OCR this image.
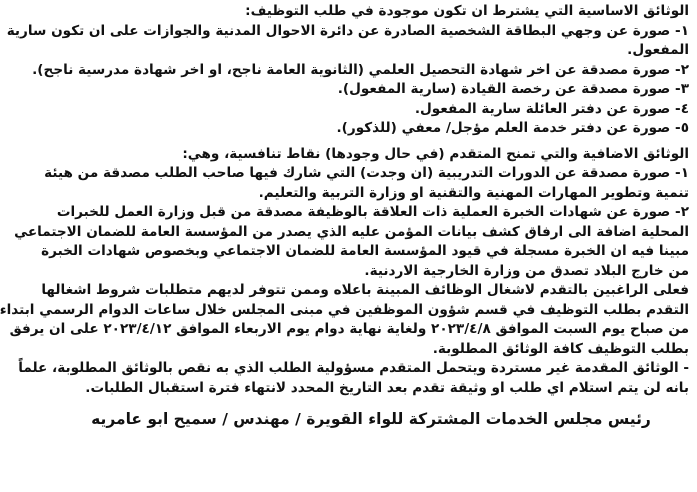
الوثائق الاساسية التي يشترط ان تكون موجودة في طلب التوظيف:
١- صورة عن وجهي البطاقة الشخصية الصادرة عن دائرة الاحوال المدنية والجوازات على ان تكون سارية
المفعول.
٢- صورة مصدقة عن اخر شهادة التحصيل العلمي (الثانوية العامة ناجح، او اخر شهادة مدرسية ناجح).
٣- صورة مصدقة عن رخصة القيادة (سارية المفعول).
٤- صورة عن دفتر العائلة سارية المفعول.
٥- صورة عن دفتر خدمة العلم مؤجل/ معفي (للذكور).
الوثائق الاضافية والتي تمنح المتقدم (في حال وجودها) نقاط تنافسية، وهي:
١- صورة مصدقة عن الدورات التدريبية (ان وجدت) التي شارك فيها صاحب الطلب مصدقة من هيئة
تنمية وتطوير المهارات المهنية والتقنية او وزارة التربية والتعليم.
٢- صورة عن شهادات الخبرة العملية ذات العلاقة بالوظيفة مصدقة من قبل وزارة العمل للخبرات
المحلية اضافة الى ارفاق كشف بيانات المؤمن عليه الذي يصدر من المؤسسة العامة للضمان الاجتماعي
مبينا فيه ان الخبرة مسجلة في قيود المؤسسة العامة للضمان الاجتماعي وبخصوص شهادات الخبرة
من خارج البلاد تصدق من وزارة الخارجية الاردنية.
فعلى الراغبين بالتقدم لاشغال الوظائف المبينة باعلاه وممن تتوفر لديهم متطلبات شروط اشغالها
التقدم بطلب التوظيف في قسم شؤون الموظفين في مبنى المجلس خلال ساعات الدوام الرسمي ابتداء
من صباح يوم السبت الموافق ٢٠٢٣/٤/٨ ولغاية نهاية دوام يوم الاربعاء الموافق ٢٠٢٣/٤/١٢ على ان يرفق
بطلب التوظيف كافة الوثائق المطلوبة.
- الوثائق المقدمة غير مستردة ويتحمل المتقدم مسؤولية الطلب الذي به نقص بالوثائق المطلوبة، علماً
بانه لن يتم استلام اي طلب او وثيقة تقدم بعد التاريخ المحدد لانتهاء فترة استقبال الطلبات.
رئيس مجلس الخدمات المشتركة للواء القويرة / مهندس / سميح ابو عامريه
